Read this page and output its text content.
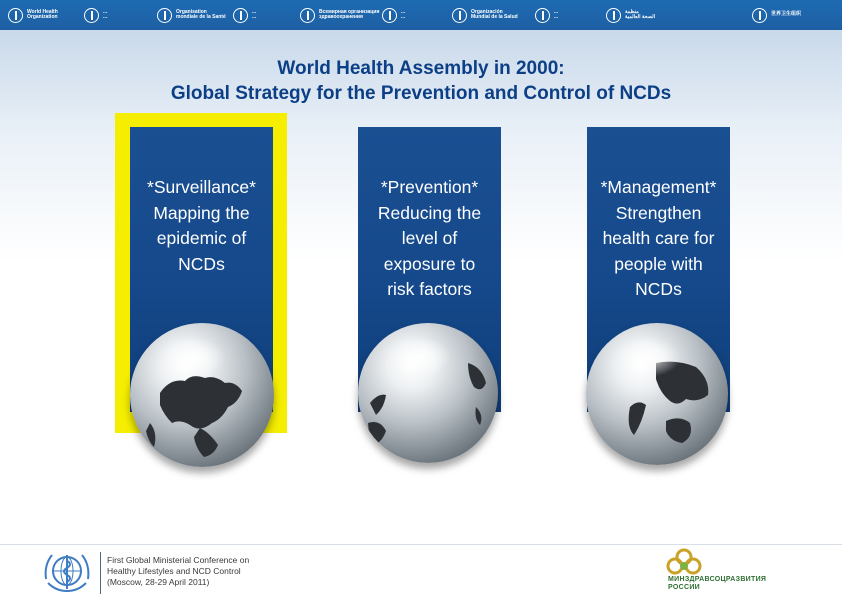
World Health
Organization
...
...
Organisation
mondiale de la Santé
...
...
Всемирная организация
здравоохранения
...
...
Organización
Mundial de la Salud
...
...
منظمة
الصحة العالمية	世界卫生组织
World Health Assembly in 2000:
Global Strategy for the Prevention and Control of NCDs
*Surveillance*
Mapping the
epidemic of
NCDs
*Prevention*
Reducing the
level of
exposure to
risk factors
*Management*
Strengthen
health care for
people with
NCDs
First Global Ministerial Conference on
Healthy Lifestyles and NCD Control
(Moscow, 28-29 April 2011)	МИНЗДРАВСОЦРАЗВИТИЯ
РОССИИ
